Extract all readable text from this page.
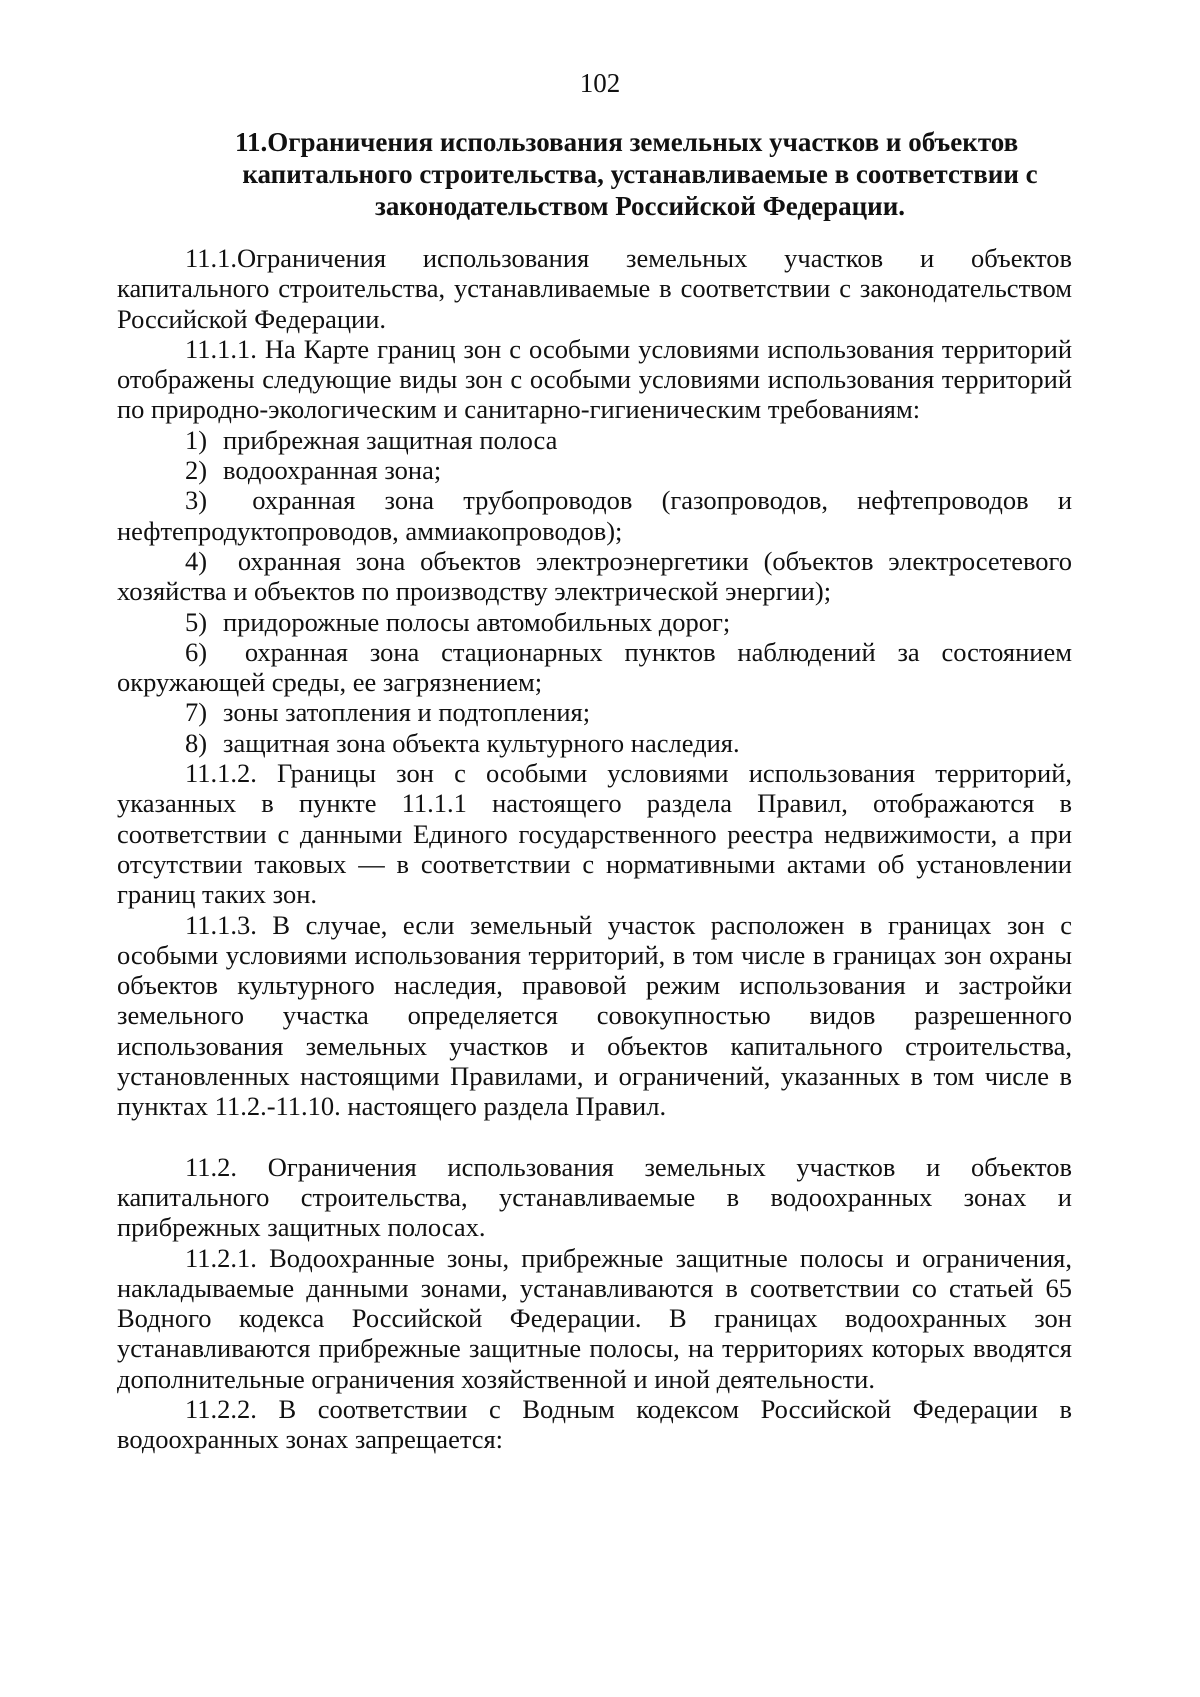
102
11.Ограничения использования земельных участков и объектов
капитального строительства, устанавливаемые в соответствии с
законодательством Российской Федерации.

11.1.Ограничения использования земельных участков и объектов капитального строительства, устанавливаемые в соответствии с законодательством Российской Федерации.

11.1.1. На Карте границ зон с особыми условиями использования территорий отображены следующие виды зон с особыми условиями использования территорий по природно-экологическим и санитарно-гигиеническим требованиям:

1) прибрежная защитная полоса
2) водоохранная зона;
3) охранная зона трубопроводов (газопроводов, нефтепроводов и нефтепродуктопроводов, аммиакопроводов);
4) охранная зона объектов электроэнергетики (объектов электросетевого хозяйства и объектов по производству электрической энергии);
5) придорожные полосы автомобильных дорог;
6) охранная зона стационарных пунктов наблюдений за состоянием окружающей среды, ее загрязнением;
7) зоны затопления и подтопления;
8) защитная зона объекта культурного наследия.

11.1.2. Границы зон с особыми условиями использования территорий, указанных в пункте 11.1.1 настоящего раздела Правил, отображаются в соответствии с данными Единого государственного реестра недвижимости, а при отсутствии таковых — в соответствии с нормативными актами об установлении границ таких зон.

11.1.3. В случае, если земельный участок расположен в границах зон с особыми условиями использования территорий, в том числе в границах зон охраны объектов культурного наследия, правовой режим использования и застройки земельного участка определяется совокупностью видов разрешенного использования земельных участков и объектов капитального строительства, установленных настоящими Правилами, и ограничений, указанных в том числе в пунктах 11.2.-11.10. настоящего раздела Правил.

11.2. Ограничения использования земельных участков и объектов капитального строительства, устанавливаемые в водоохранных зонах и прибрежных защитных полосах.

11.2.1. Водоохранные зоны, прибрежные защитные полосы и ограничения, накладываемые данными зонами, устанавливаются в соответствии со статьей 65 Водного кодекса Российской Федерации. В границах водоохранных зон устанавливаются прибрежные защитные полосы, на территориях которых вводятся дополнительные ограничения хозяйственной и иной деятельности.

11.2.2. В соответствии с Водным кодексом Российской Федерации в водоохранных зонах запрещается:
